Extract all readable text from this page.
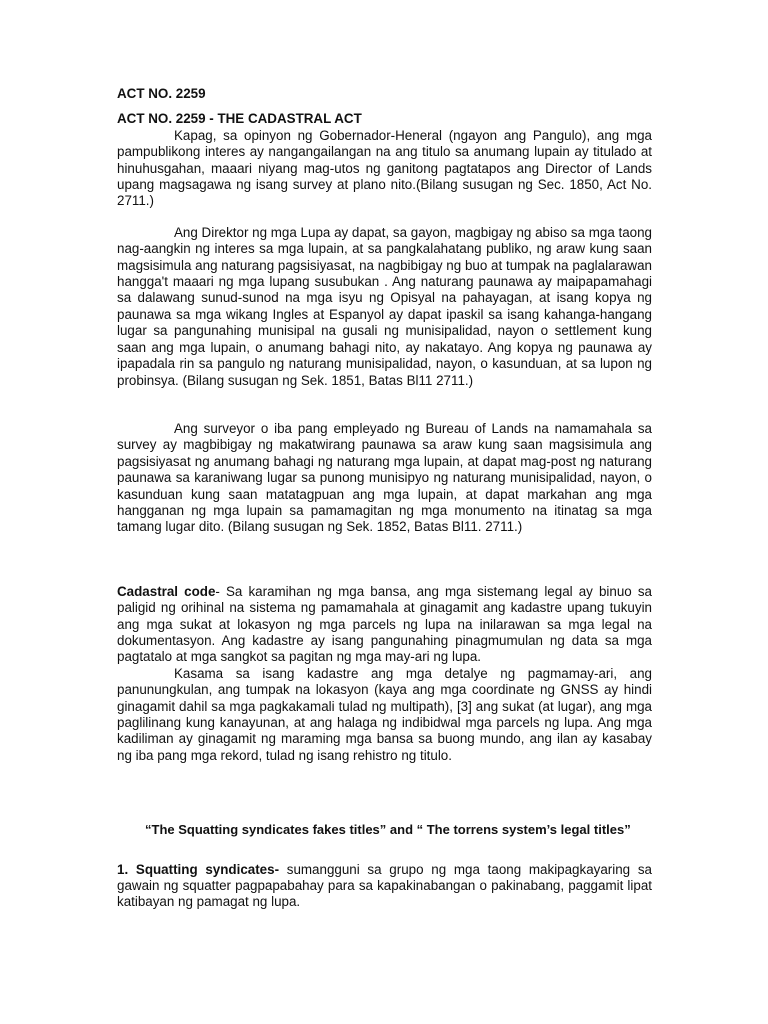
ACT NO. 2259

ACT NO. 2259 - THE CADASTRAL ACT

Kapag, sa opinyon ng Gobernador-Heneral (ngayon ang Pangulo), ang mga pampublikong interes ay nangangailangan na ang titulo sa anumang lupain ay titulado at hinuhusgahan, maaari niyang mag-utos ng ganitong pagtatapos ang Director of Lands upang magsagawa ng isang survey at plano nito.(Bilang susugan ng Sec. 1850, Act No. 2711.)

Ang Direktor ng mga Lupa ay dapat, sa gayon, magbigay ng abiso sa mga taong nag-aangkin ng interes sa mga lupain, at sa pangkalahatang publiko, ng araw kung saan magsisimula ang naturang pagsisiyasat, na nagbibigay ng buo at tumpak na paglalarawan hangga't maaari ng mga lupang susubukan . Ang naturang paunawa ay maipapamahagi sa dalawang sunud-sunod na mga isyu ng Opisyal na pahayagan, at isang kopya ng paunawa sa mga wikang Ingles at Espanyol ay dapat ipaskil sa isang kahanga-hangang lugar sa pangunahing munisipal na gusali ng munisipalidad, nayon o settlement kung saan ang mga lupain, o anumang bahagi nito, ay nakatayo. Ang kopya ng paunawa ay ipapadala rin sa pangulo ng naturang munisipalidad, nayon, o kasunduan, at sa lupon ng probinsya. (Bilang susugan ng Sek. 1851, Batas Bl11 2711.)

Ang surveyor o iba pang empleyado ng Bureau of Lands na namamahala sa survey ay magbibigay ng makatwirang paunawa sa araw kung saan magsisimula ang pagsisiyasat ng anumang bahagi ng naturang mga lupain, at dapat mag-post ng naturang paunawa sa karaniwang lugar sa punong munisipyo ng naturang munisipalidad, nayon, o kasunduan kung saan matatagpuan ang mga lupain, at dapat markahan ang mga hangganan ng mga lupain sa pamamagitan ng mga monumento na itinatag sa mga tamang lugar dito. (Bilang susugan ng Sek. 1852, Batas Bl11. 2711.)

Cadastral code- Sa karamihan ng mga bansa, ang mga sistemang legal ay binuo sa paligid ng orihinal na sistema ng pamamahala at ginagamit ang kadastre upang tukuyin ang mga sukat at lokasyon ng mga parcels ng lupa na inilarawan sa mga legal na dokumentasyon. Ang kadastre ay isang pangunahing pinagmumulan ng data sa mga pagtatalo at mga sangkot sa pagitan ng mga may-ari ng lupa.

Kasama sa isang kadastre ang mga detalye ng pagmamay-ari, ang panunungkulan, ang tumpak na lokasyon (kaya ang mga coordinate ng GNSS ay hindi ginagamit dahil sa mga pagkakamali tulad ng multipath), [3] ang sukat (at lugar), ang mga paglilinang kung kanayunan, at ang halaga ng indibidwal mga parcels ng lupa. Ang mga kadiliman ay ginagamit ng maraming mga bansa sa buong mundo, ang ilan ay kasabay ng iba pang mga rekord, tulad ng isang rehistro ng titulo.

“The Squatting syndicates fakes titles” and “ The torrens system’s legal titles”

1. Squatting syndicates- sumangguni sa grupo ng mga taong makipagkayaring sa gawain ng squatter pagpapabahay para sa kapakinabangan o pakinabang, paggamit lipat katibayan ng pamagat ng lupa.
